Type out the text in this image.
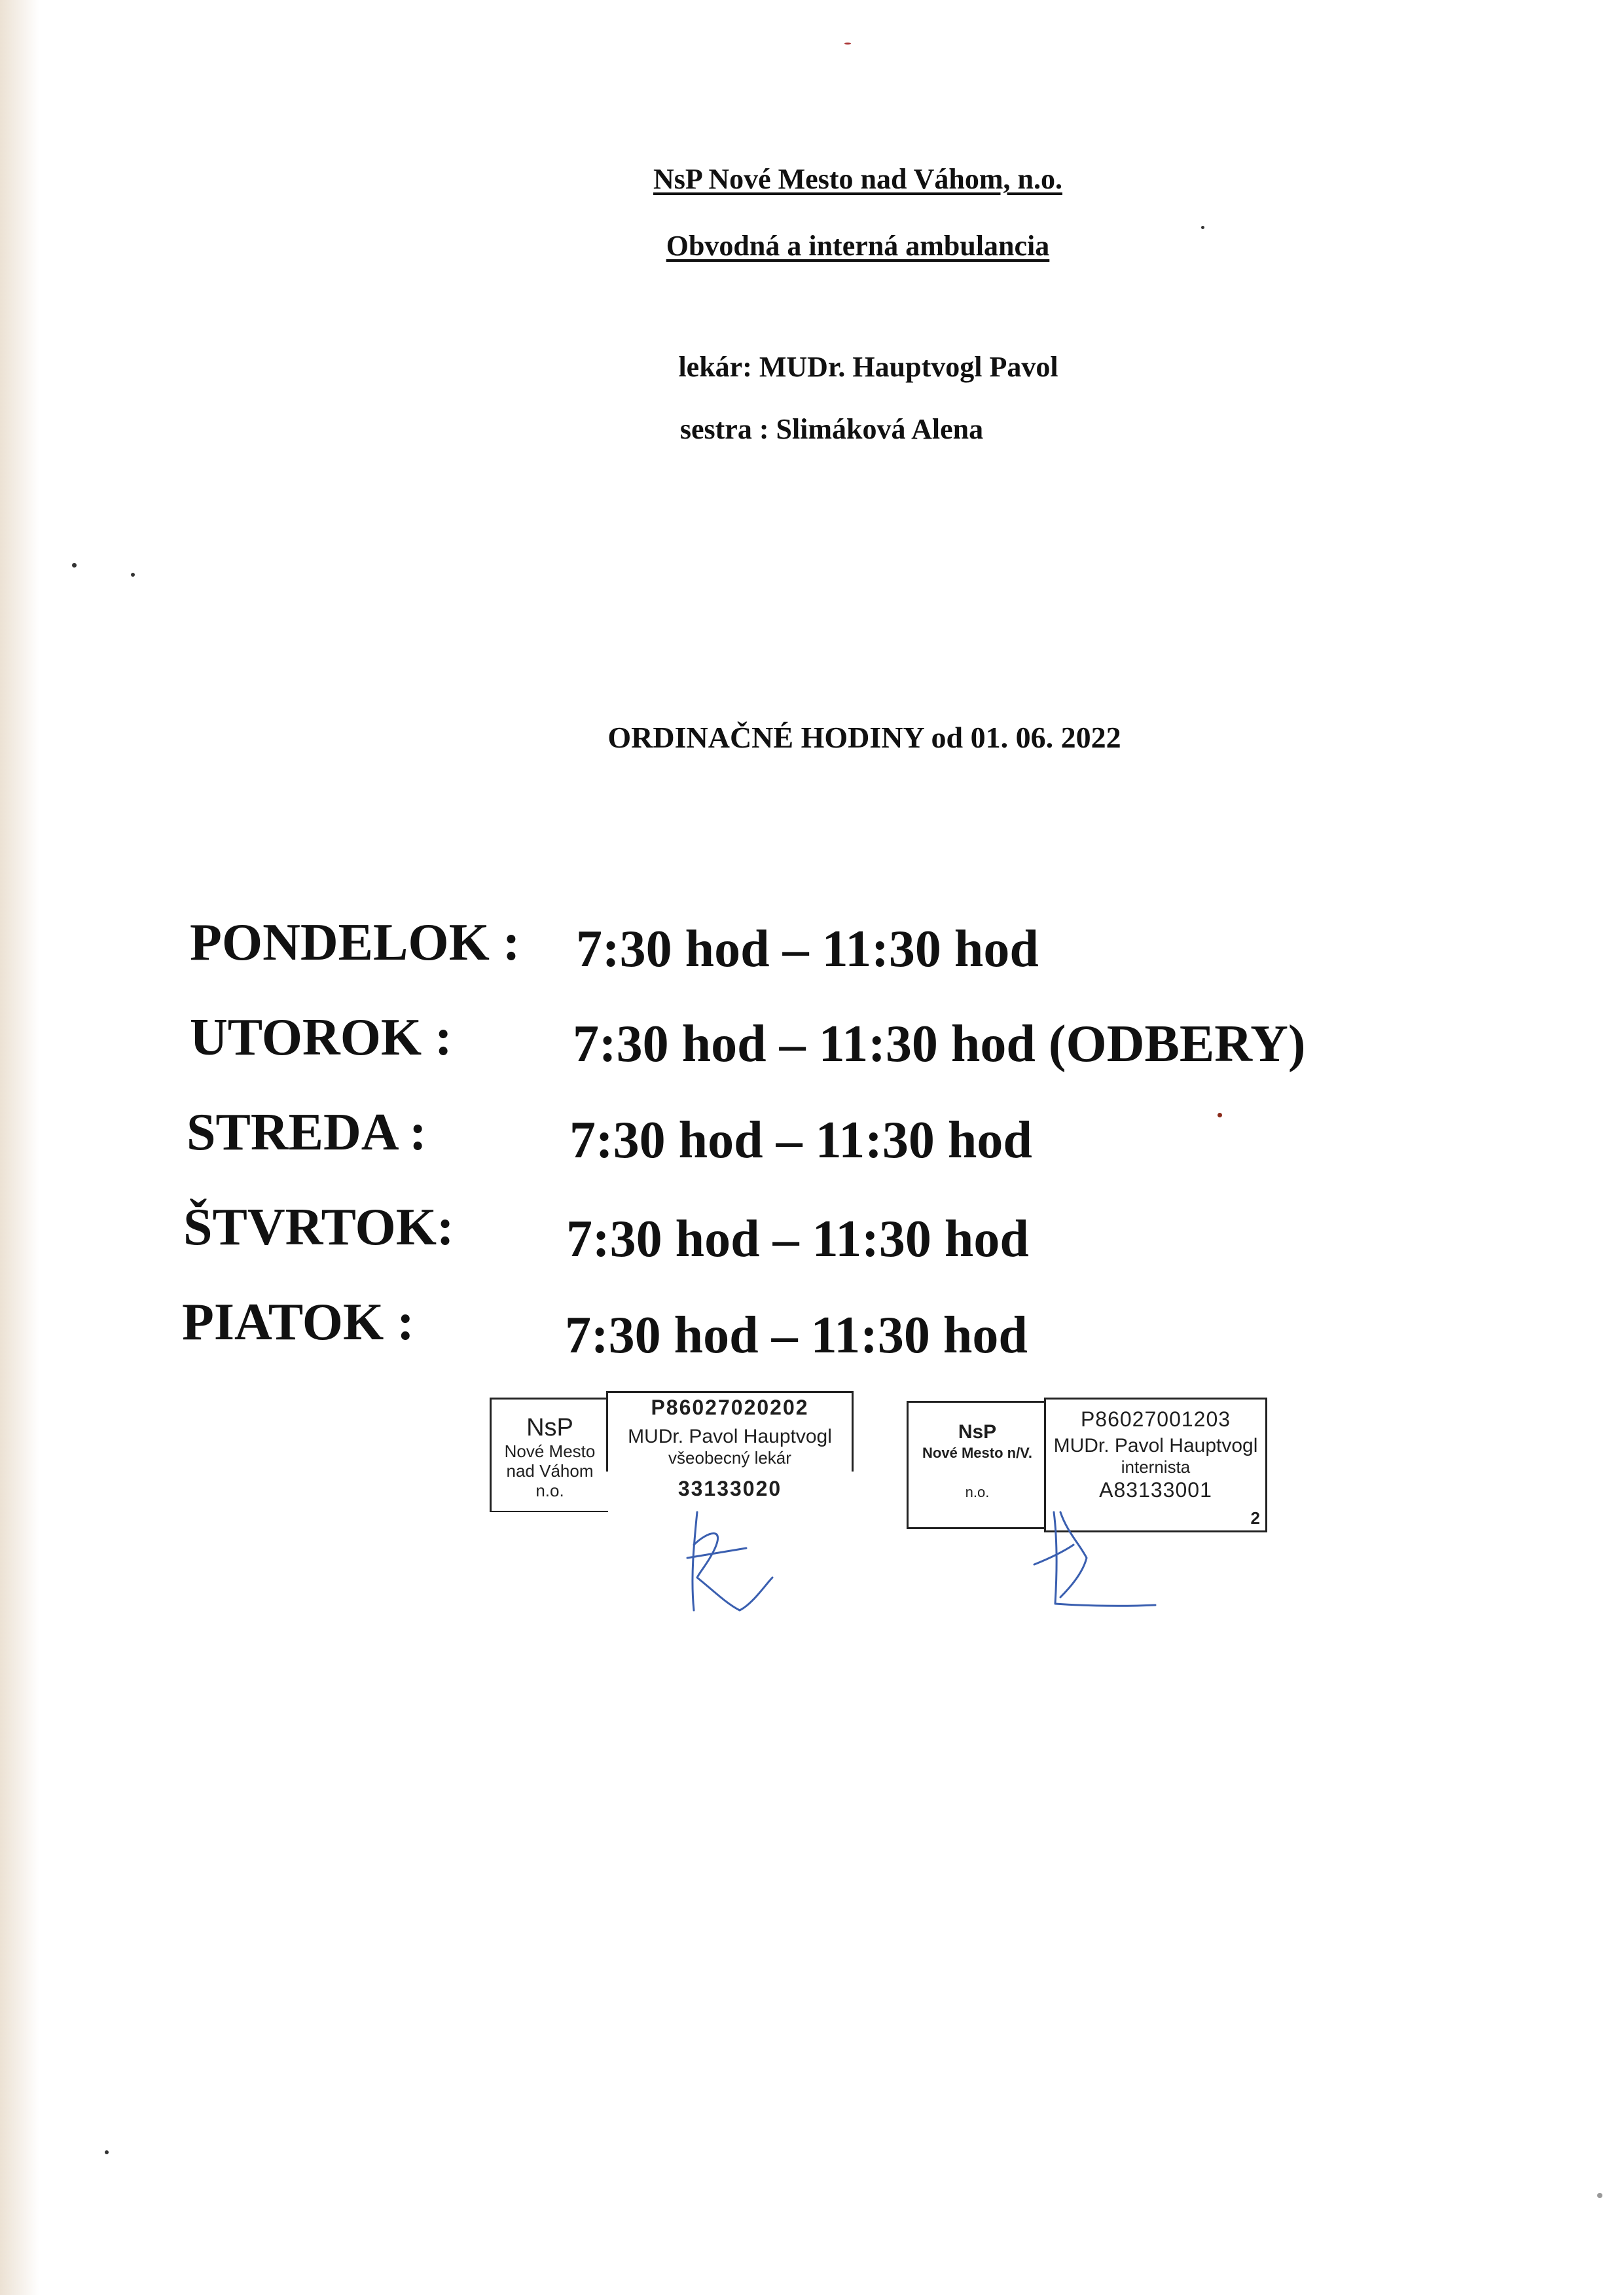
NsP Nové Mesto nad Váhom, n.o.
Obvodná a interná ambulancia
lekár: MUDr. Hauptvogl Pavol
sestra : Slimáková Alena
ORDINAČNÉ HODINY od 01. 06. 2022
PONDELOK : 7:30 hod – 11:30 hod
UTOROK : 7:30 hod – 11:30 hod (ODBERY)
STREDA :	7:30 hod – 11:30 hod
ŠTVRTOK: 7:30 hod – 11:30 hod
PIATOK :	7:30 hod – 11:30 hod
NsP
Nové Mesto
nad Váhom
n.o.
P86027020202
MUDr. Pavol Hauptvogl
všeobecný lekár
33133020
NsP
Nové Mesto n/V.
n.o.
P86027001203
MUDr. Pavol Hauptvogl
internista
A83133001
2
